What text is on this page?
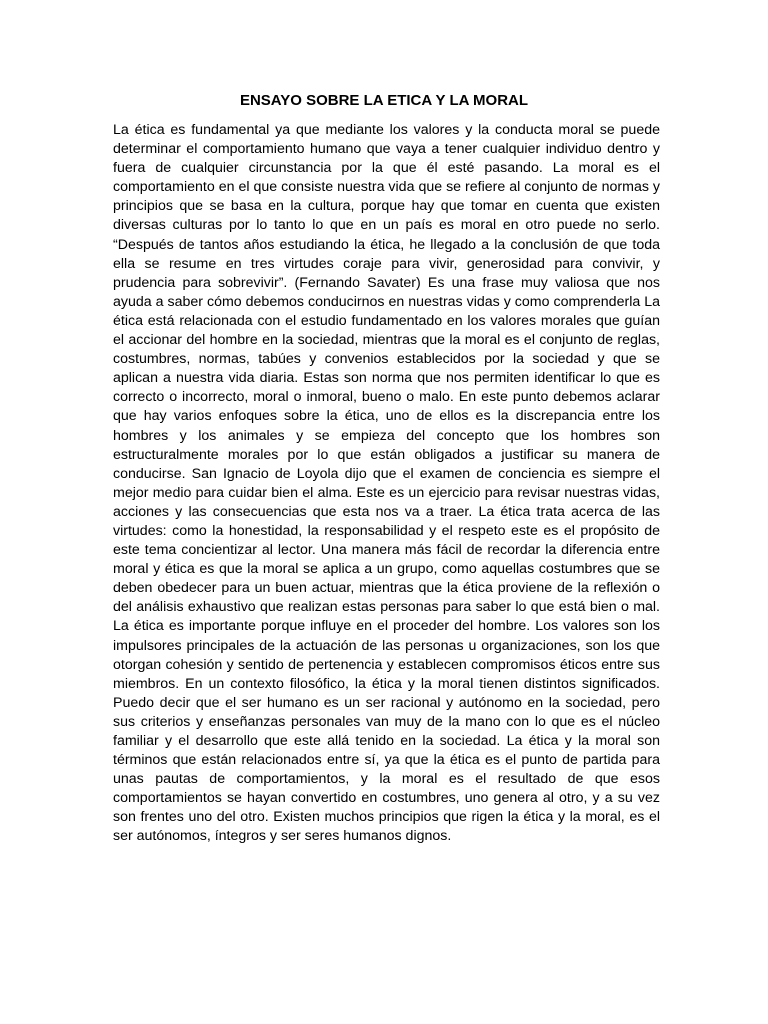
ENSAYO SOBRE LA ETICA Y LA MORAL

La ética es fundamental ya que mediante los valores y la conducta moral se puede determinar el comportamiento humano que vaya a tener cualquier individuo dentro y fuera de cualquier circunstancia por la que él esté pasando. La moral es el comportamiento en el que consiste nuestra vida que se refiere al conjunto de normas y principios que se basa en la cultura, porque hay que tomar en cuenta que existen diversas culturas por lo tanto lo que en un país es moral en otro puede no serlo. “Después de tantos años estudiando la ética, he llegado a la conclusión de que toda ella se resume en tres virtudes coraje para vivir, generosidad para convivir, y prudencia para sobrevivir”. (Fernando Savater) Es una frase muy valiosa que nos ayuda a saber cómo debemos conducirnos en nuestras vidas y como comprenderla La ética está relacionada con el estudio fundamentado en los valores morales que guían el accionar del hombre en la sociedad, mientras que la moral es el conjunto de reglas, costumbres, normas, tabúes y convenios establecidos por la sociedad y que se aplican a nuestra vida diaria. Estas son norma que nos permiten identificar lo que es correcto o incorrecto, moral o inmoral, bueno o malo. En este punto debemos aclarar que hay varios enfoques sobre la ética, uno de ellos es la discrepancia entre los hombres y los animales y se empieza del concepto que los hombres son estructuralmente morales por lo que están obligados a justificar su manera de conducirse. San Ignacio de Loyola dijo que el examen de conciencia es siempre el mejor medio para cuidar bien el alma. Este es un ejercicio para revisar nuestras vidas, acciones y las consecuencias que esta nos va a traer. La ética trata acerca de las virtudes: como la honestidad, la responsabilidad y el respeto este es el propósito de este tema concientizar al lector. Una manera más fácil de recordar la diferencia entre moral y ética es que la moral se aplica a un grupo, como aquellas costumbres que se deben obedecer para un buen actuar, mientras que la ética proviene de la reflexión o del análisis exhaustivo que realizan estas personas para saber lo que está bien o mal. La ética es importante porque influye en el proceder del hombre. Los valores son los impulsores principales de la actuación de las personas u organizaciones, son los que otorgan cohesión y sentido de pertenencia y establecen compromisos éticos entre sus miembros. En un contexto filosófico, la ética y la moral tienen distintos significados. Puedo decir que el ser humano es un ser racional y autónomo en la sociedad, pero sus criterios y enseñanzas personales van muy de la mano con lo que es el núcleo familiar y el desarrollo que este allá tenido en la sociedad. La ética y la moral son términos que están relacionados entre sí, ya que la ética es el punto de partida para unas pautas de comportamientos, y la moral es el resultado de que esos comportamientos se hayan convertido en costumbres, uno genera al otro, y a su vez son frentes uno del otro. Existen muchos principios que rigen la ética y la moral, es el ser autónomos, íntegros y ser seres humanos dignos.
